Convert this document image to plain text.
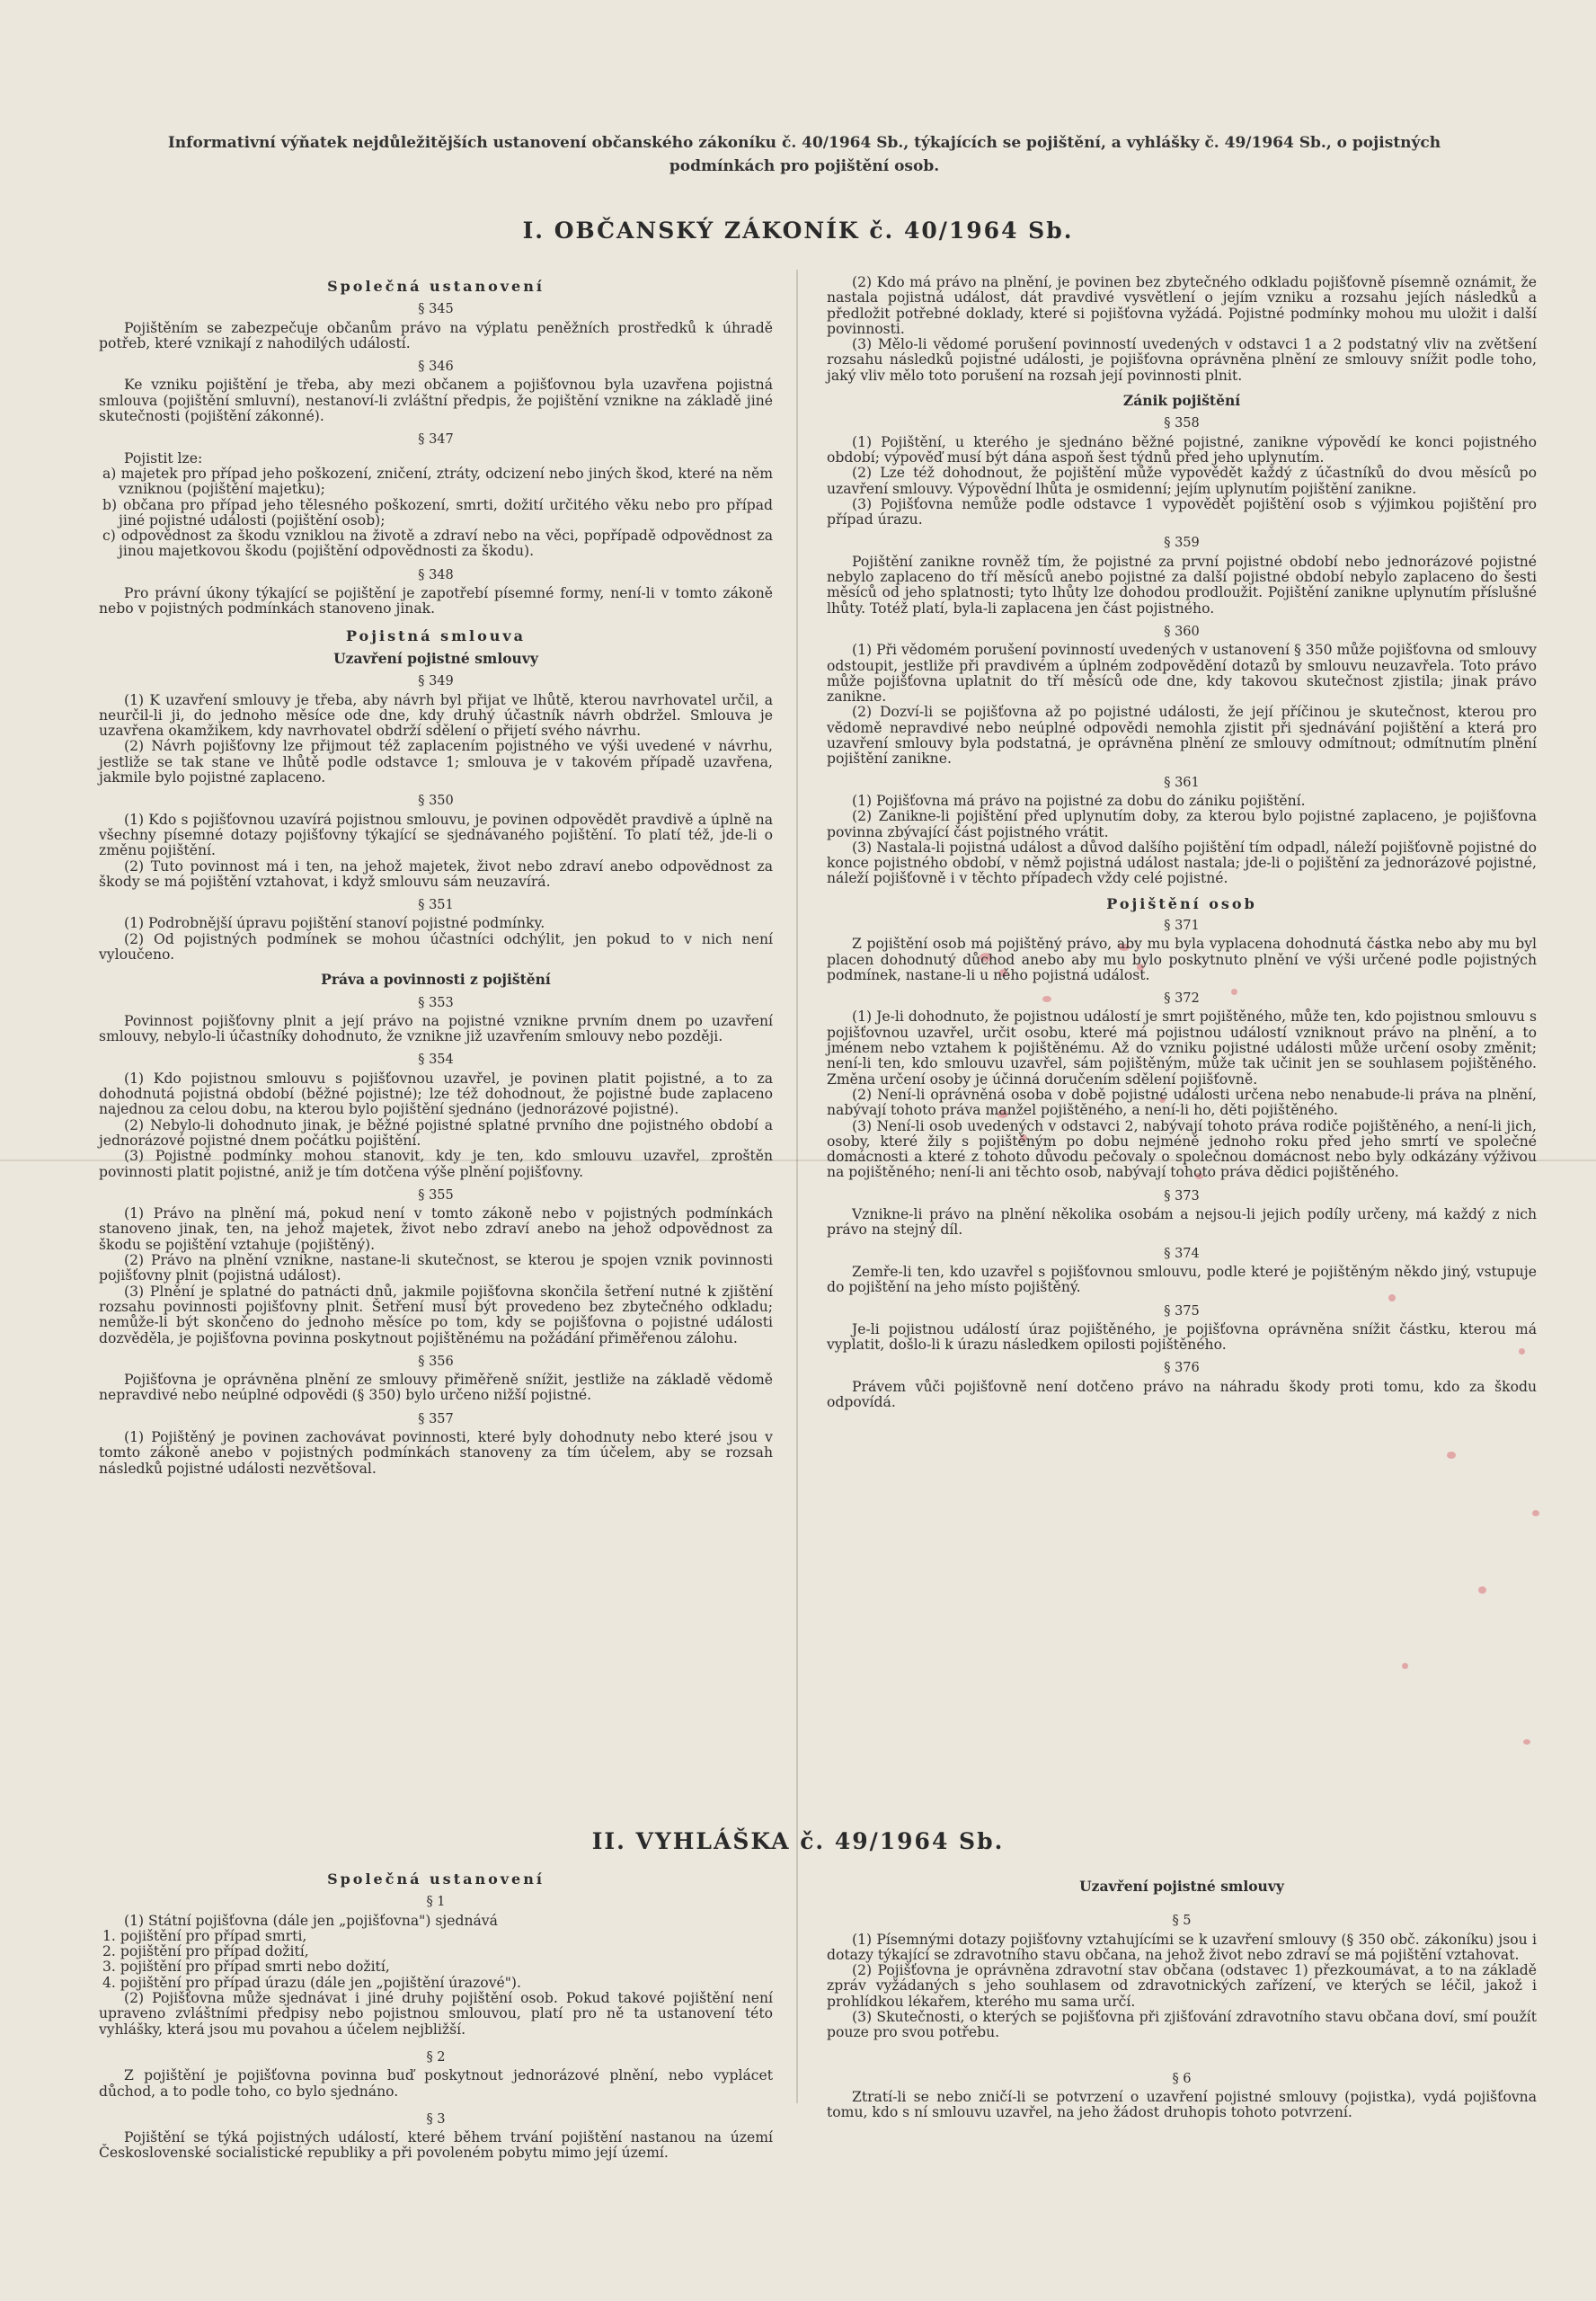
Informativní výňatek nejdůležitějších ustanovení občanského zákoníku č. 40/1964 Sb., týkajících se pojištění, a vyhlášky č. 49/1964 Sb., o pojistných
podmínkách pro pojištění osob.
I. OBČANSKÝ ZÁKONÍK č. 40/1964 Sb.
Společná ustanovení
§ 345

Pojištěním se zabezpečuje občanům právo na výplatu peněžních prostředků k úhradě potřeb, které vznikají z nahodilých událostí.

§ 346

Ke vzniku pojištění je třeba, aby mezi občanem a pojišťovnou byla uzavřena pojistná smlouva (pojištění smluvní), nestanoví-li zvláštní předpis, že pojištění vznikne na základě jiné skutečnosti (pojištění zákonné).

§ 347

Pojistit lze:

a) majetek pro případ jeho poškození, zničení, ztráty, odcizení nebo jiných škod, které na něm vzniknou (pojištění majetku);

b) občana pro případ jeho tělesného poškození, smrti, dožití určitého věku nebo pro případ jiné pojistné události (pojištění osob);

c) odpovědnost za škodu vzniklou na životě a zdraví nebo na věci, popřípadě odpovědnost za jinou majetkovou škodu (pojištění odpovědnosti za škodu).

§ 348

Pro právní úkony týkající se pojištění je zapotřebí písemné formy, není-li v tomto zákoně nebo v pojistných podmínkách stanoveno jinak.

Pojistná smlouva
Uzavření pojistné smlouvy
§ 349

(1) K uzavření smlouvy je třeba, aby návrh byl přijat ve lhůtě, kterou navrhovatel určil, a neurčil-li ji, do jednoho měsíce ode dne, kdy druhý účastník návrh obdržel. Smlouva je uzavřena okamžikem, kdy navrhovatel obdrží sdělení o přijetí svého návrhu.

(2) Návrh pojišťovny lze přijmout též zaplacením pojistného ve výši uvedené v návrhu, jestliže se tak stane ve lhůtě podle odstavce 1; smlouva je v takovém případě uzavřena, jakmile bylo pojistné zaplaceno.

§ 350

(1) Kdo s pojišťovnou uzavírá pojistnou smlouvu, je povinen odpovědět pravdivě a úplně na všechny písemné dotazy pojišťovny týkající se sjednávaného pojištění. To platí též, jde-li o změnu pojištění.

(2) Tuto povinnost má i ten, na jehož majetek, život nebo zdraví anebo odpovědnost za škody se má pojištění vztahovat, i když smlouvu sám neuzavírá.

§ 351

(1) Podrobnější úpravu pojištění stanoví pojistné podmínky.

(2) Od pojistných podmínek se mohou účastníci odchýlit, jen pokud to v nich není vyloučeno.

Práva a povinnosti z pojištění
§ 353

Povinnost pojišťovny plnit a její právo na pojistné vznikne prvním dnem po uzavření smlouvy, nebylo-li účastníky dohodnuto, že vznikne již uzavřením smlouvy nebo později.

§ 354

(1) Kdo pojistnou smlouvu s pojišťovnou uzavřel, je povinen platit pojistné, a to za dohodnutá pojistná období (běžné pojistné); lze též dohodnout, že pojistné bude zaplaceno najednou za celou dobu, na kterou bylo pojištění sjednáno (jednorázové pojistné).

(2) Nebylo-li dohodnuto jinak, je běžné pojistné splatné prvního dne pojistného období a jednorázové pojistné dnem počátku pojištění.

(3) Pojistné podmínky mohou stanovit, kdy je ten, kdo smlouvu uzavřel, zproštěn povinnosti platit pojistné, aniž je tím dotčena výše plnění pojišťovny.

§ 355

(1) Právo na plnění má, pokud není v tomto zákoně nebo v pojistných podmínkách stanoveno jinak, ten, na jehož majetek, život nebo zdraví anebo na jehož odpovědnost za škodu se pojištění vztahuje (pojištěný).

(2) Právo na plnění vznikne, nastane-li skutečnost, se kterou je spojen vznik povinnosti pojišťovny plnit (pojistná událost).

(3) Plnění je splatné do patnácti dnů, jakmile pojišťovna skončila šetření nutné k zjištění rozsahu povinnosti pojišťovny plnit. Šetření musí být provedeno bez zbytečného odkladu; nemůže-li být skončeno do jednoho měsíce po tom, kdy se pojišťovna o pojistné události dozvěděla, je pojišťovna povinna poskytnout pojištěnému na požádání přiměřenou zálohu.

§ 356

Pojišťovna je oprávněna plnění ze smlouvy přiměřeně snížit, jestliže na základě vědomě nepravdivé nebo neúplné odpovědi (§ 350) bylo určeno nižší pojistné.

§ 357

(1) Pojištěný je povinen zachovávat povinnosti, které byly dohodnuty nebo které jsou v tomto zákoně anebo v pojistných podmínkách stanoveny za tím účelem, aby se rozsah následků pojistné události nezvětšoval.

(2) Kdo má právo na plnění, je povinen bez zbytečného odkladu pojišťovně písemně oznámit, že nastala pojistná událost, dát pravdivé vysvětlení o jejím vzniku a rozsahu jejích následků a předložit potřebné doklady, které si pojišťovna vyžádá. Pojistné podmínky mohou mu uložit i další povinnosti.

(3) Mělo-li vědomé porušení povinností uvedených v odstavci 1 a 2 podstatný vliv na zvětšení rozsahu následků pojistné události, je pojišťovna oprávněna plnění ze smlouvy snížit podle toho, jaký vliv mělo toto porušení na rozsah její povinnosti plnit.

Zánik pojištění
§ 358

(1) Pojištění, u kterého je sjednáno běžné pojistné, zanikne výpovědí ke konci pojistného období; výpověď musí být dána aspoň šest týdnů před jeho uplynutím.

(2) Lze též dohodnout, že pojištění může vypovědět každý z účastníků do dvou měsíců po uzavření smlouvy. Výpovědní lhůta je osmidenní; jejím uplynutím pojištění zanikne.

(3) Pojišťovna nemůže podle odstavce 1 vypovědět pojištění osob s výjimkou pojištění pro případ úrazu.

§ 359

Pojištění zanikne rovněž tím, že pojistné za první pojistné období nebo jednorázové pojistné nebylo zaplaceno do tří měsíců anebo pojistné za další pojistné období nebylo zaplaceno do šesti měsíců od jeho splatnosti; tyto lhůty lze dohodou prodloužit. Pojištění zanikne uplynutím příslušné lhůty. Totéž platí, byla-li zaplacena jen část pojistného.

§ 360

(1) Při vědomém porušení povinností uvedených v ustanovení § 350 může pojišťovna od smlouvy odstoupit, jestliže při pravdivém a úplném zodpovědění dotazů by smlouvu neuzavřela. Toto právo může pojišťovna uplatnit do tří měsíců ode dne, kdy takovou skutečnost zjistila; jinak právo zanikne.

(2) Dozví-li se pojišťovna až po pojistné události, že její příčinou je skutečnost, kterou pro vědomě nepravdivé nebo neúplné odpovědi nemohla zjistit při sjednávání pojištění a která pro uzavření smlouvy byla podstatná, je oprávněna plnění ze smlouvy odmítnout; odmítnutím plnění pojištění zanikne.

§ 361

(1) Pojišťovna má právo na pojistné za dobu do zániku pojištění.

(2) Zanikne-li pojištění před uplynutím doby, za kterou bylo pojistné zaplaceno, je pojišťovna povinna zbývající část pojistného vrátit.

(3) Nastala-li pojistná událost a důvod dalšího pojištění tím odpadl, náleží pojišťovně pojistné do konce pojistného období, v němž pojistná událost nastala; jde-li o pojištění za jednorázové pojistné, náleží pojišťovně i v těchto případech vždy celé pojistné.

Pojištění osob
§ 371

Z pojištění osob má pojištěný právo, aby mu byla vyplacena dohodnutá částka nebo aby mu byl placen dohodnutý důchod anebo aby mu bylo poskytnuto plnění ve výši určené podle pojistných podmínek, nastane-li u něho pojistná událost.

§ 372

(1) Je-li dohodnuto, že pojistnou událostí je smrt pojištěného, může ten, kdo pojistnou smlouvu s pojišťovnou uzavřel, určit osobu, které má pojistnou událostí vzniknout právo na plnění, a to jménem nebo vztahem k pojištěnému. Až do vzniku pojistné události může určení osoby změnit; není-li ten, kdo smlouvu uzavřel, sám pojištěným, může tak učinit jen se souhlasem pojištěného. Změna určení osoby je účinná doručením sdělení pojišťovně.

(2) Není-li oprávněná osoba v době pojistné události určena nebo nenabude-li práva na plnění, nabývají tohoto práva manžel pojištěného, a není-li ho, děti pojištěného.

(3) Není-li osob uvedených v odstavci 2, nabývají tohoto práva rodiče pojištěného, a není-li jich, osoby, které žily s pojištěným po dobu nejméně jednoho roku před jeho smrtí ve společné domácnosti a které z tohoto důvodu pečovaly o společnou domácnost nebo byly odkázány výživou na pojištěného; není-li ani těchto osob, nabývají tohoto práva dědici pojištěného.

§ 373

Vznikne-li právo na plnění několika osobám a nejsou-li jejich podíly určeny, má každý z nich právo na stejný díl.

§ 374

Zemře-li ten, kdo uzavřel s pojišťovnou smlouvu, podle které je pojištěným někdo jiný, vstupuje do pojištění na jeho místo pojištěný.

§ 375

Je-li pojistnou událostí úraz pojištěného, je pojišťovna oprávněna snížit částku, kterou má vyplatit, došlo-li k úrazu následkem opilosti pojištěného.

§ 376

Právem vůči pojišťovně není dotčeno právo na náhradu škody proti tomu, kdo za škodu odpovídá.

II. VYHLÁŠKA č. 49/1964 Sb.
Společná ustanovení
§ 1

(1) Státní pojišťovna (dále jen „pojišťovna") sjednává

1. pojištění pro případ smrti,

2. pojištění pro případ dožití,

3. pojištění pro případ smrti nebo dožití,

4. pojištění pro případ úrazu (dále jen „pojištění úrazové").

(2) Pojišťovna může sjednávat i jiné druhy pojištění osob. Pokud takové pojištění není upraveno zvláštními předpisy nebo pojistnou smlouvou, platí pro ně ta ustanovení této vyhlášky, která jsou mu povahou a účelem nejbližší.

§ 2

Z pojištění je pojišťovna povinna buď poskytnout jednorázové plnění, nebo vyplácet důchod, a to podle toho, co bylo sjednáno.

§ 3

Pojištění se týká pojistných událostí, které během trvání pojištění nastanou na území Československé socialistické republiky a při povoleném pobytu mimo její území.

Uzavření pojistné smlouvy
§ 5

(1) Písemnými dotazy pojišťovny vztahujícími se k uzavření smlouvy (§ 350 obč. zákoníku) jsou i dotazy týkající se zdravotního stavu občana, na jehož život nebo zdraví se má pojištění vztahovat.

(2) Pojišťovna je oprávněna zdravotní stav občana (odstavec 1) přezkoumávat, a to na základě zpráv vyžádaných s jeho souhlasem od zdravotnických zařízení, ve kterých se léčil, jakož i prohlídkou lékařem, kterého mu sama určí.

(3) Skutečnosti, o kterých se pojišťovna při zjišťování zdravotního stavu občana doví, smí použít pouze pro svou potřebu.

§ 6

Ztratí-li se nebo zničí-li se potvrzení o uzavření pojistné smlouvy (pojistka), vydá pojišťovna tomu, kdo s ní smlouvu uzavřel, na jeho žádost druhopis tohoto potvrzení.
